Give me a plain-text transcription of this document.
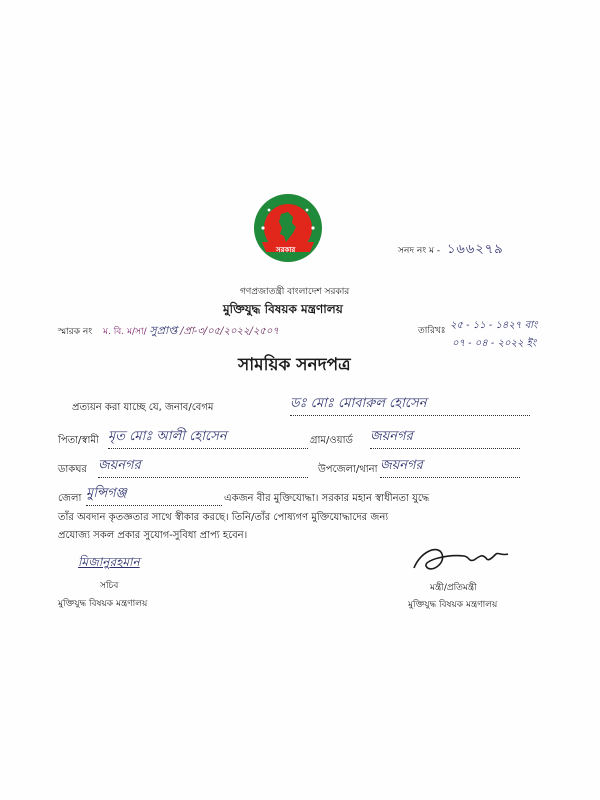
সরকার	সনদ নং ম - ১৬৬২৭৯
গণপ্রজাতন্ত্রী বাংলাদেশ সরকার
মুক্তিযুদ্ধ বিষয়ক মন্ত্রণালয়
স্মারক নং ম. বি. ম/সা/ সুপ্রাপ্ত /প্রা-৩/০৫/২০২২/২৫০৭	তারিখঃ ২৫ - ১১ - ১৪২৭ বাং
০৭ - ০৪ - ২০২২ ইং
সাময়িক সনদপত্র
প্রত্যয়ন করা যাচ্ছে যে, জনাব/বেগম	ডঃ মোঃ মোবারুল হোসেন
পিতা/স্বামী মৃত মোঃ আলী হোসেন	গ্রাম/ওয়ার্ড জয়নগর
ডাকঘর জয়নগর	উপজেলা/থানা জয়নগর
জেলা মুন্সিগঞ্জ	একজন বীর মুক্তিযোদ্ধা। সরকার মহান স্বাধীনতা যুদ্ধে
তাঁর অবদান কৃতজ্ঞতার সাথে স্বীকার করছে। তিনি/তাঁর পোষ্যগণ মুক্তিযোদ্ধাদের জন্য
প্রযোজ্য সকল প্রকার সুযোগ-সুবিধা প্রাপ্য হবেন।
মিজানুরহমান
সচিব
মুক্তিযুদ্ধ বিষয়ক মন্ত্রণালয়
মন্ত্রী/প্রতিমন্ত্রী
মুক্তিযুদ্ধ বিষয়ক মন্ত্রণালয়
